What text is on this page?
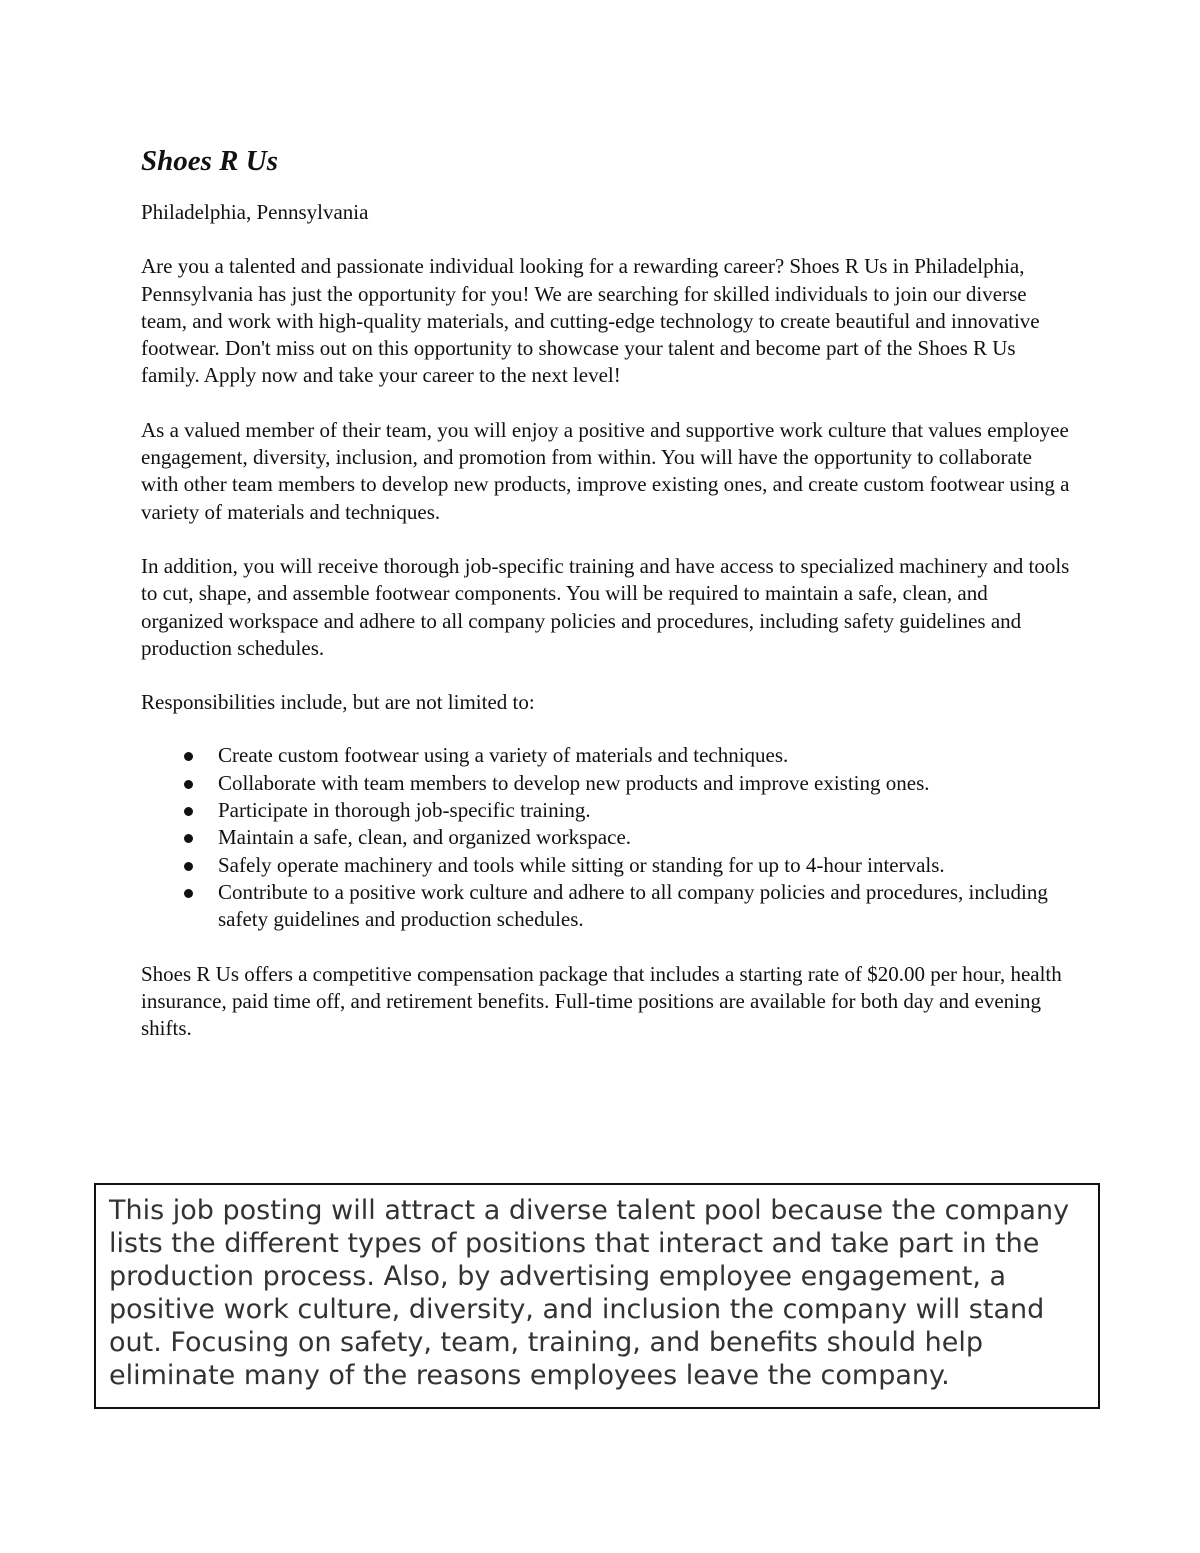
Shoes R Us
Philadelphia, Pennsylvania

Are you a talented and passionate individual looking for a rewarding career? Shoes R Us in Philadelphia, Pennsylvania has just the opportunity for you! We are searching for skilled individuals to join our diverse team, and work with high-quality materials, and cutting-edge technology to create beautiful and innovative footwear. Don't miss out on this opportunity to showcase your talent and become part of the Shoes R Us family. Apply now and take your career to the next level!

As a valued member of their team, you will enjoy a positive and supportive work culture that values employee engagement, diversity, inclusion, and promotion from within. You will have the opportunity to collaborate with other team members to develop new products, improve existing ones, and create custom footwear using a variety of materials and techniques.

In addition, you will receive thorough job-specific training and have access to specialized machinery and tools to cut, shape, and assemble footwear components. You will be required to maintain a safe, clean, and organized workspace and adhere to all company policies and procedures, including safety guidelines and production schedules.

Responsibilities include, but are not limited to:
Create custom footwear using a variety of materials and techniques.
Collaborate with team members to develop new products and improve existing ones.
Participate in thorough job-specific training.
Maintain a safe, clean, and organized workspace.
Safely operate machinery and tools while sitting or standing for up to 4-hour intervals.
Contribute to a positive work culture and adhere to all company policies and procedures, including safety guidelines and production schedules.

Shoes R Us offers a competitive compensation package that includes a starting rate of $20.00 per hour, health insurance, paid time off, and retirement benefits. Full-time positions are available for both day and evening shifts.

This job posting will attract a diverse talent pool because the company lists the different types of positions that interact and take part in the production process. Also, by advertising employee engagement, a positive work culture, diversity, and inclusion the company will stand out. Focusing on safety, team, training, and benefits should help eliminate many of the reasons employees leave the company.
